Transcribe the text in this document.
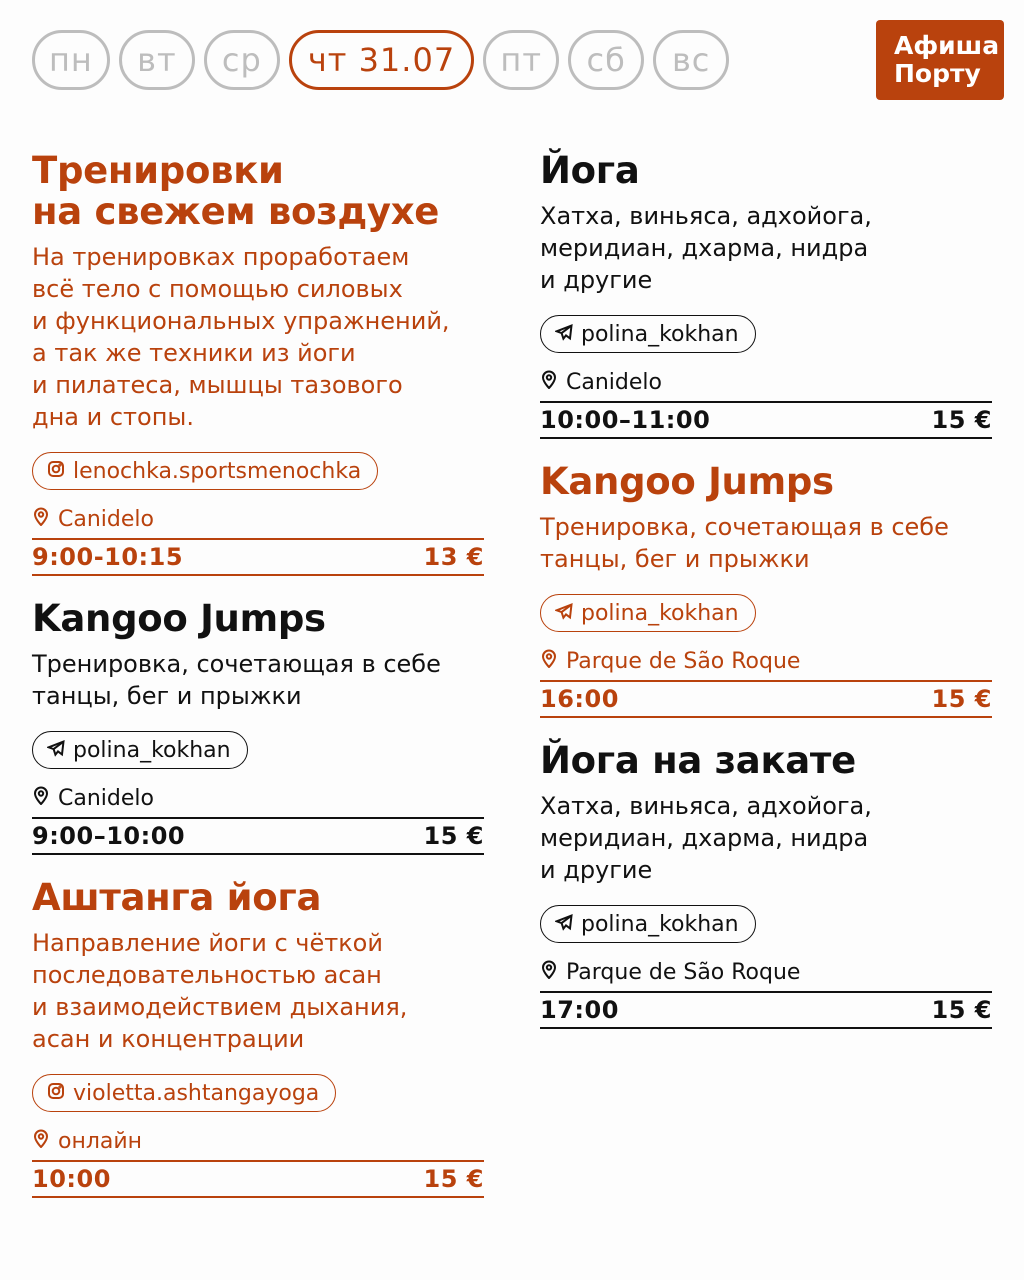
пн	вт	ср	чт 31.07	пт	сб	вс	Афиша
Порту
Тренировки
на свежем воздухе

На тренировках проработаем
всё тело с помощью силовых
и функциональных упражнений,
а так же техники из йоги
и пилатеса, мышцы тазового
дна и стопы.

lenochka.sportsmenochka
Canidelo
9:00-10:15	13 €
Kangoo Jumps

Тренировка, сочетающая в себе
танцы, бег и прыжки

polina_kokhan
Canidelo
9:00–10:00	15 €
Аштанга йога

Направление йоги с чёткой
последовательностью асан
и взаимодействием дыхания,
асан и концентрации

violetta.ashtangayoga
онлайн
10:00	15 €
Йога

Хатха, виньяса, адхойога,
меридиан, дхарма, нидра
и другие

polina_kokhan
Canidelo
10:00–11:00	15 €
Kangoo Jumps

Тренировка, сочетающая в себе
танцы, бег и прыжки

polina_kokhan
Parque de São Roque
16:00	15 €
Йога на закате

Хатха, виньяса, адхойога,
меридиан, дхарма, нидра
и другие

polina_kokhan
Parque de São Roque
17:00	15 €
